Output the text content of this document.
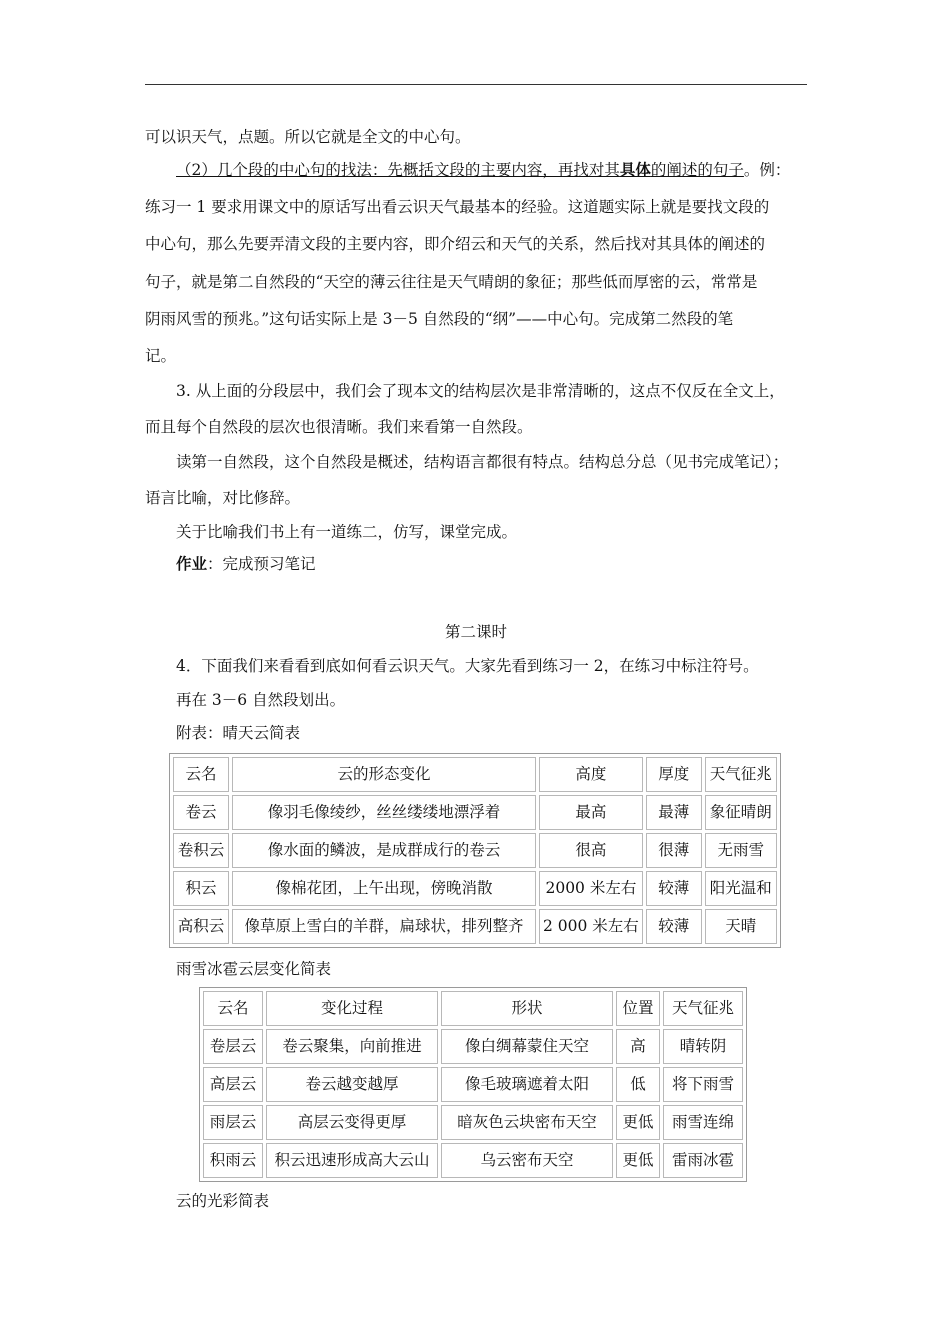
可以识天气，点题。所以它就是全文的中心句。
（2）几个段的中心句的找法：先概括文段的主要内容，再找对其具体的阐述的句子。例：
练习一 1 要求用课文中的原话写出看云识天气最基本的经验。这道题实际上就是要找文段的
中心句，那么先要弄清文段的主要内容，即介绍云和天气的关系，然后找对其具体的阐述的
句子，就是第二自然段的“天空的薄云往往是天气晴朗的象征；那些低而厚密的云，常常是
阴雨风雪的预兆。”这句话实际上是 3－5 自然段的“纲”——中心句。完成第二然段的笔
记。
3. 从上面的分段层中，我们会了现本文的结构层次是非常清晰的，这点不仅反在全文上，
而且每个自然段的层次也很清晰。我们来看第一自然段。
读第一自然段，这个自然段是概述，结构语言都很有特点。结构总分总（见书完成笔记）；
语言比喻，对比修辞。
关于比喻我们书上有一道练二，仿写，课堂完成。
作业：完成预习笔记
第二课时
4．下面我们来看看到底如何看云识天气。大家先看到练习一 2，在练习中标注符号。
再在 3－6 自然段划出。
附表：晴天云简表
云名	云的形态变化	高度	厚度	天气征兆
卷云	像羽毛像绫纱，丝丝缕缕地漂浮着	最高	最薄	象征晴朗
卷积云	像水面的鳞波，是成群成行的卷云	很高	很薄	无雨雪
积云	像棉花团，上午出现，傍晚消散	2000 米左右	较薄	阳光温和
高积云	像草原上雪白的羊群，扁球状，排列整齐	2 000 米左右	较薄	天晴
雨雪冰雹云层变化简表
云名	变化过程	形状	位置	天气征兆
卷层云	卷云聚集，向前推进	像白绸幕蒙住天空	高	晴转阴
高层云	卷云越变越厚	像毛玻璃遮着太阳	低	将下雨雪
雨层云	高层云变得更厚	暗灰色云块密布天空	更低	雨雪连绵
积雨云	积云迅速形成高大云山	乌云密布天空	更低	雷雨冰雹
云的光彩简表
